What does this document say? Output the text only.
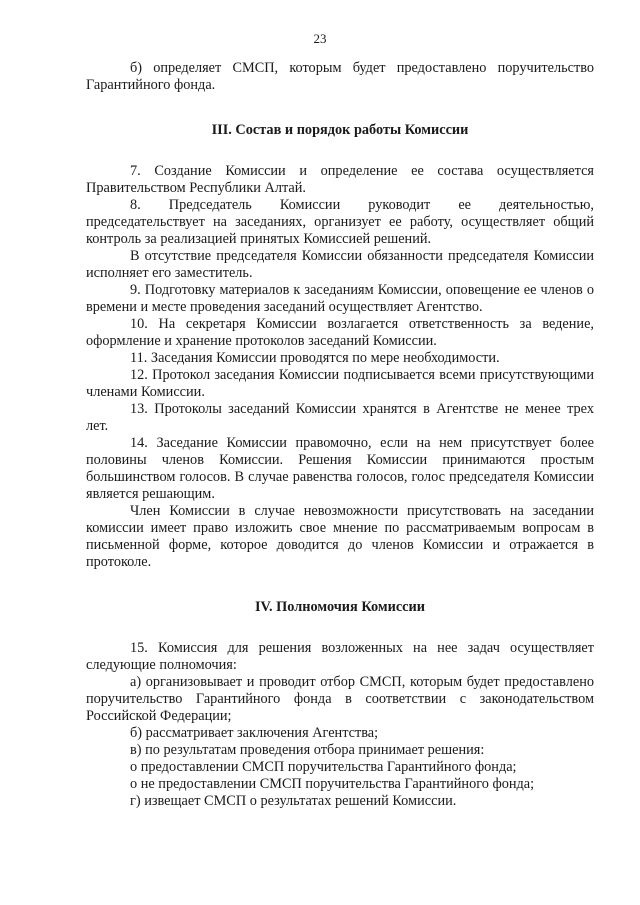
23

б) определяет СМСП, которым будет предоставлено поручительство Гарантийного фонда.

III. Состав и порядок работы Комиссии

7. Создание Комиссии и определение ее состава осуществляется Правительством Республики Алтай.

8. Председатель Комиссии руководит ее деятельностью, председательствует на заседаниях, организует ее работу, осуществляет общий контроль за реализацией принятых Комиссией решений.

В отсутствие председателя Комиссии обязанности председателя Комиссии исполняет его заместитель.

9. Подготовку материалов к заседаниям Комиссии, оповещение ее членов о времени и месте проведения заседаний осуществляет Агентство.

10. На секретаря Комиссии возлагается ответственность за ведение, оформление и хранение протоколов заседаний Комиссии.

11. Заседания Комиссии проводятся по мере необходимости.

12. Протокол заседания Комиссии подписывается всеми присутствующими членами Комиссии.

13. Протоколы заседаний Комиссии хранятся в Агентстве не менее трех лет.

14. Заседание Комиссии правомочно, если на нем присутствует более половины членов Комиссии. Решения Комиссии принимаются простым большинством голосов. В случае равенства голосов, голос председателя Комиссии является решающим.

Член Комиссии в случае невозможности присутствовать на заседании комиссии имеет право изложить свое мнение по рассматриваемым вопросам в письменной форме, которое доводится до членов Комиссии и отражается в протоколе.

IV. Полномочия Комиссии

15. Комиссия для решения возложенных на нее задач осуществляет следующие полномочия:

а) организовывает и проводит отбор СМСП, которым будет предоставлено поручительство Гарантийного фонда в соответствии с законодательством Российской Федерации;

б) рассматривает заключения Агентства;

в) по результатам проведения отбора принимает решения:

о предоставлении СМСП поручительства Гарантийного фонда;

о не предоставлении СМСП поручительства Гарантийного фонда;

г) извещает СМСП о результатах решений Комиссии.
